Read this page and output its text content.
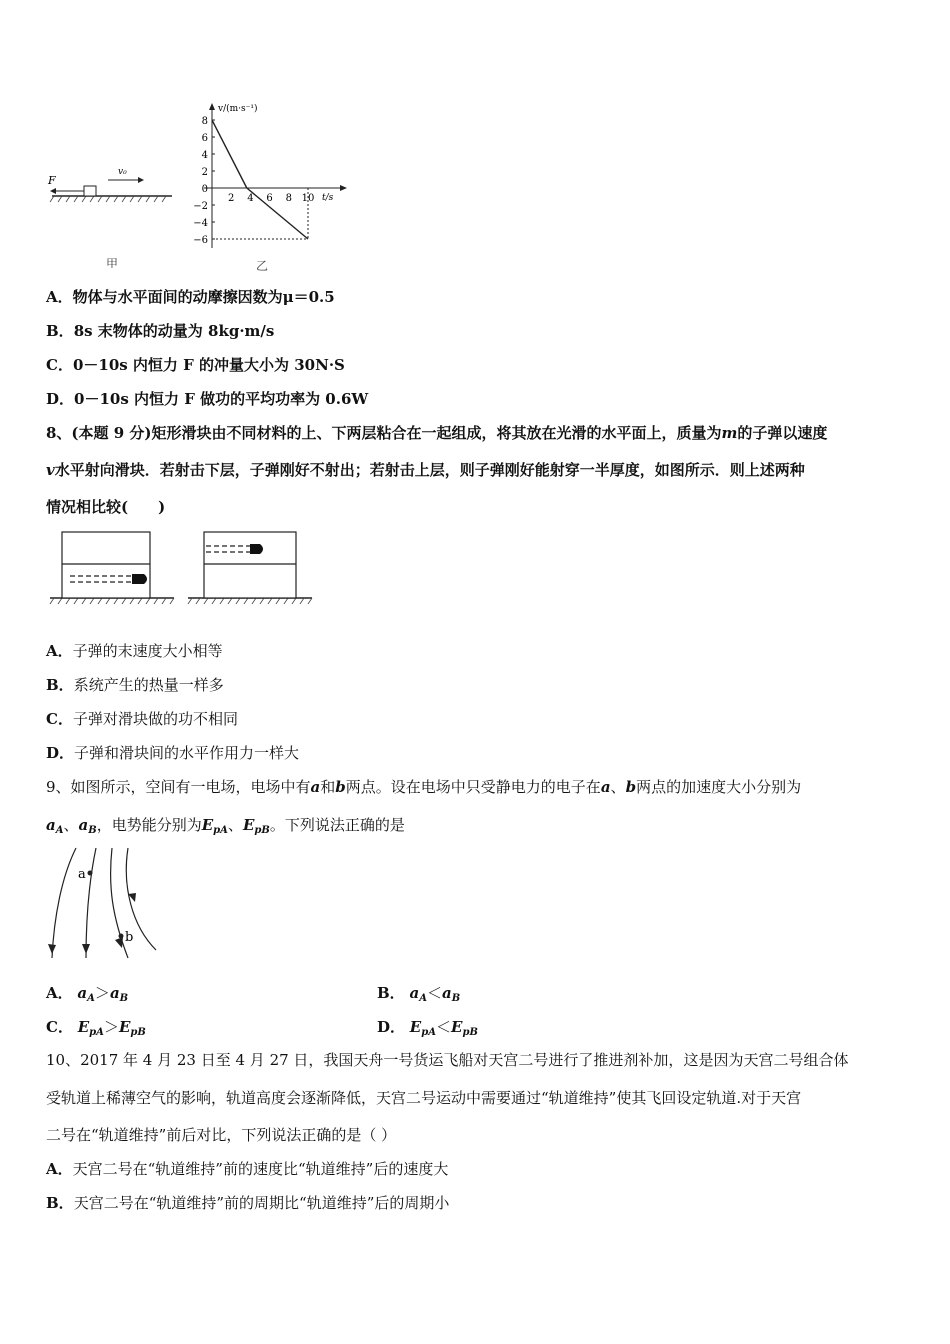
F
v₀
甲
v/(m·s⁻¹)
t/s
8
6
4
2
0
−2
−4
−6
2 4 6 8 10
乙
A．物体与水平面间的动摩擦因数为μ＝0.5
B．8s 末物体的动量为 8kg·m/s
C．0－10s 内恒力 F 的冲量大小为 30N·S
D．0－10s 内恒力 F 做功的平均功率为 0.6W
8、(本题 9 分)矩形滑块由不同材料的上、下两层粘合在一起组成，将其放在光滑的水平面上，质量为m的子弹以速度
v水平射向滑块．若射击下层，子弹刚好不射出；若射击上层，则子弹刚好能射穿一半厚度，如图所示．则上述两种
情况相比较(　　)
A．子弹的末速度大小相等
B．系统产生的热量一样多
C．子弹对滑块做的功不相同
D．子弹和滑块间的水平作用力一样大
9、如图所示，空间有一电场，电场中有a和b两点。设在电场中只受静电力的电子在a、b两点的加速度大小分别为
$a_A$、$a_B$，电势能分别为$E_{pA}$、$E_{pB}$。下列说法正确的是
a
b
A． $a_A>a_B$	B． $a_A<a_B$
C． $E_{pA}>E_{pB}$	D． $E_{pA}<E_{pB}$
10、2017 年 4 月 23 日至 4 月 27 日，我国天舟一号货运飞船对天宫二号进行了推进剂补加，这是因为天宫二号组合体
受轨道上稀薄空气的影响，轨道高度会逐渐降低，天宫二号运动中需要通过“轨道维持”使其飞回设定轨道.对于天宫
二号在“轨道维持”前后对比，下列说法正确的是（ ）
A．天宫二号在“轨道维持”前的速度比“轨道维持”后的速度大
B．天宫二号在“轨道维持”前的周期比“轨道维持”后的周期小
